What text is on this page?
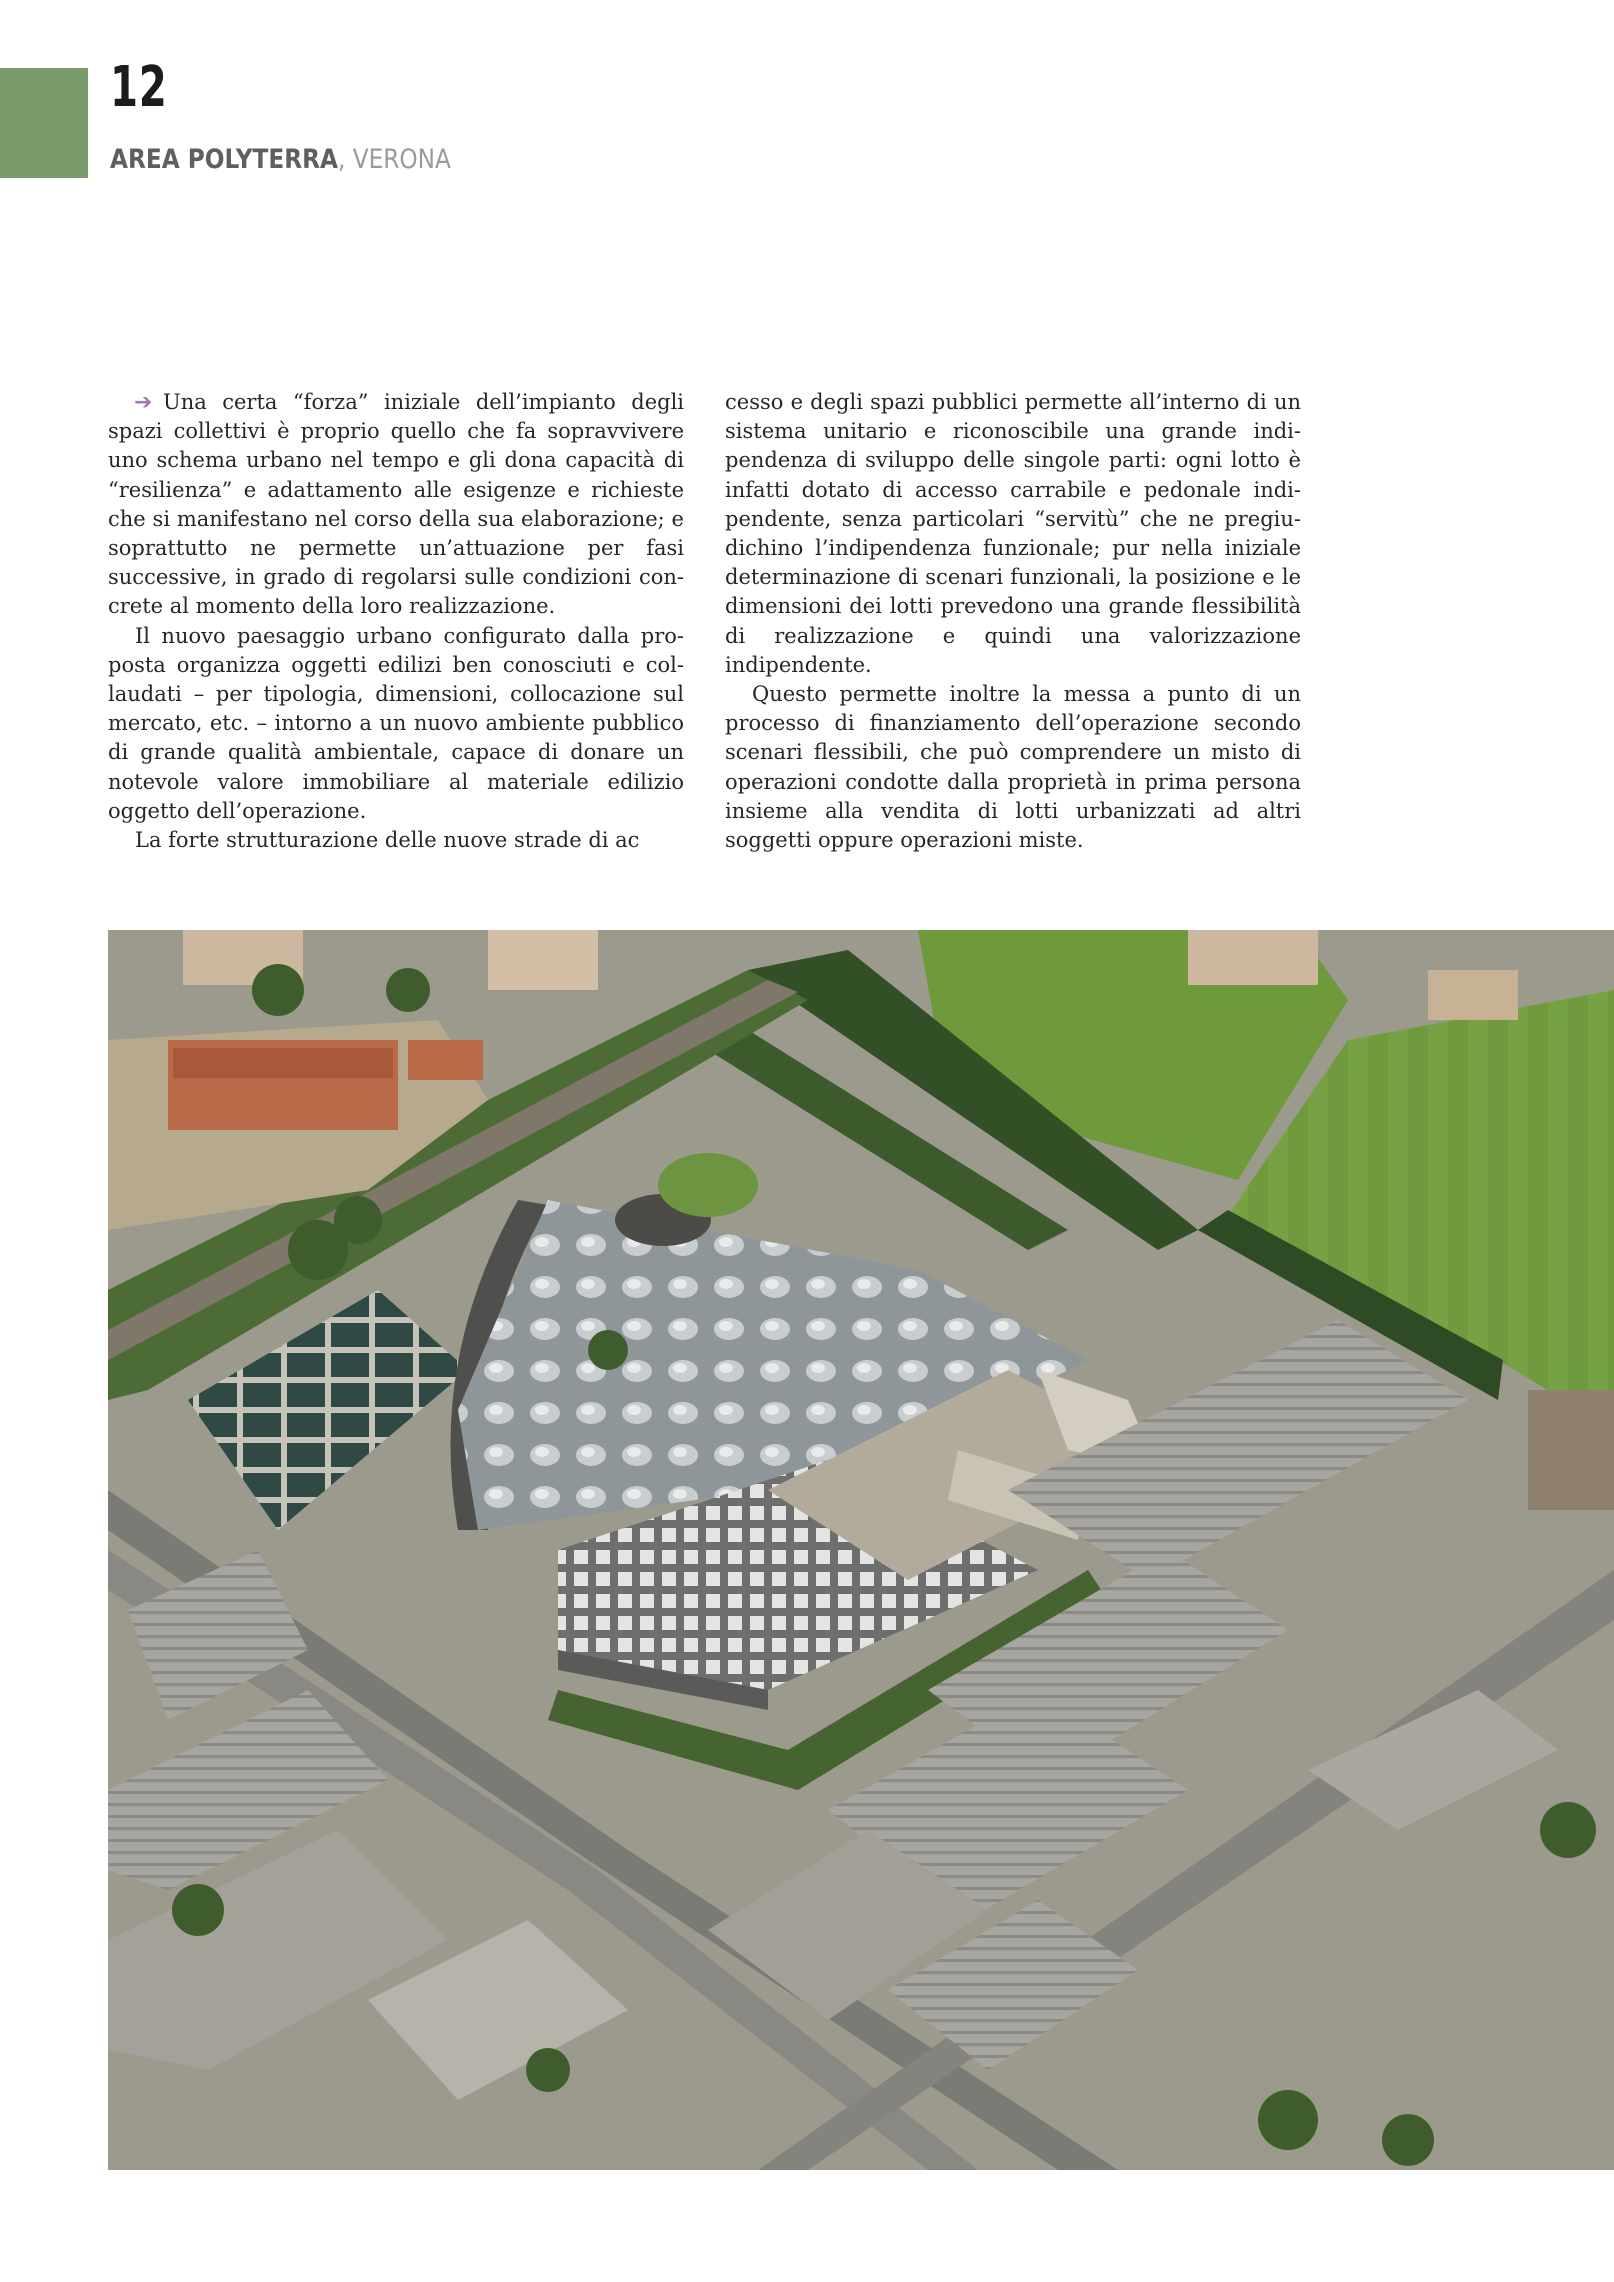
12
AREA POLYTERRA, VERONA

➔ Una certa “forza” iniziale dell’impianto degli spazi collettivi è proprio quello che fa sopravvivere uno schema urbano nel tempo e gli dona capacità di “resilienza” e adattamento alle esigenze e richieste che si manifestano nel corso della sua elaborazione; e soprattutto ne permette un’attuazione per fasi successive, in grado di regolarsi sulle condizioni concrete al momento della loro realizzazione.

Il nuovo paesaggio urbano configurato dalla proposta organizza oggetti edilizi ben conosciuti e collaudati – per tipologia, dimensioni, collocazione sul mercato, etc. – intorno a un nuovo ambiente pubblico di grande qualità ambientale, capace di donare un notevole valore immobiliare al materiale edilizio oggetto dell’operazione.

La forte strutturazione delle nuove strade di ac

cesso e degli spazi pubblici permette all’interno di un sistema unitario e riconoscibile una grande indipendenza di sviluppo delle singole parti: ogni lotto è infatti dotato di accesso carrabile e pedonale indipendente, senza particolari “servitù” che ne pregiudichino l’indipendenza funzionale; pur nella iniziale determinazione di scenari funzionali, la posizione e le dimensioni dei lotti prevedono una grande flessibilità di realizzazione e quindi una valorizzazione indipendente.

Questo permette inoltre la messa a punto di un processo di finanziamento dell’operazione secondo scenari flessibili, che può comprendere un misto di operazioni condotte dalla proprietà in prima persona insieme alla vendita di lotti urbanizzati ad altri soggetti oppure operazioni miste.
